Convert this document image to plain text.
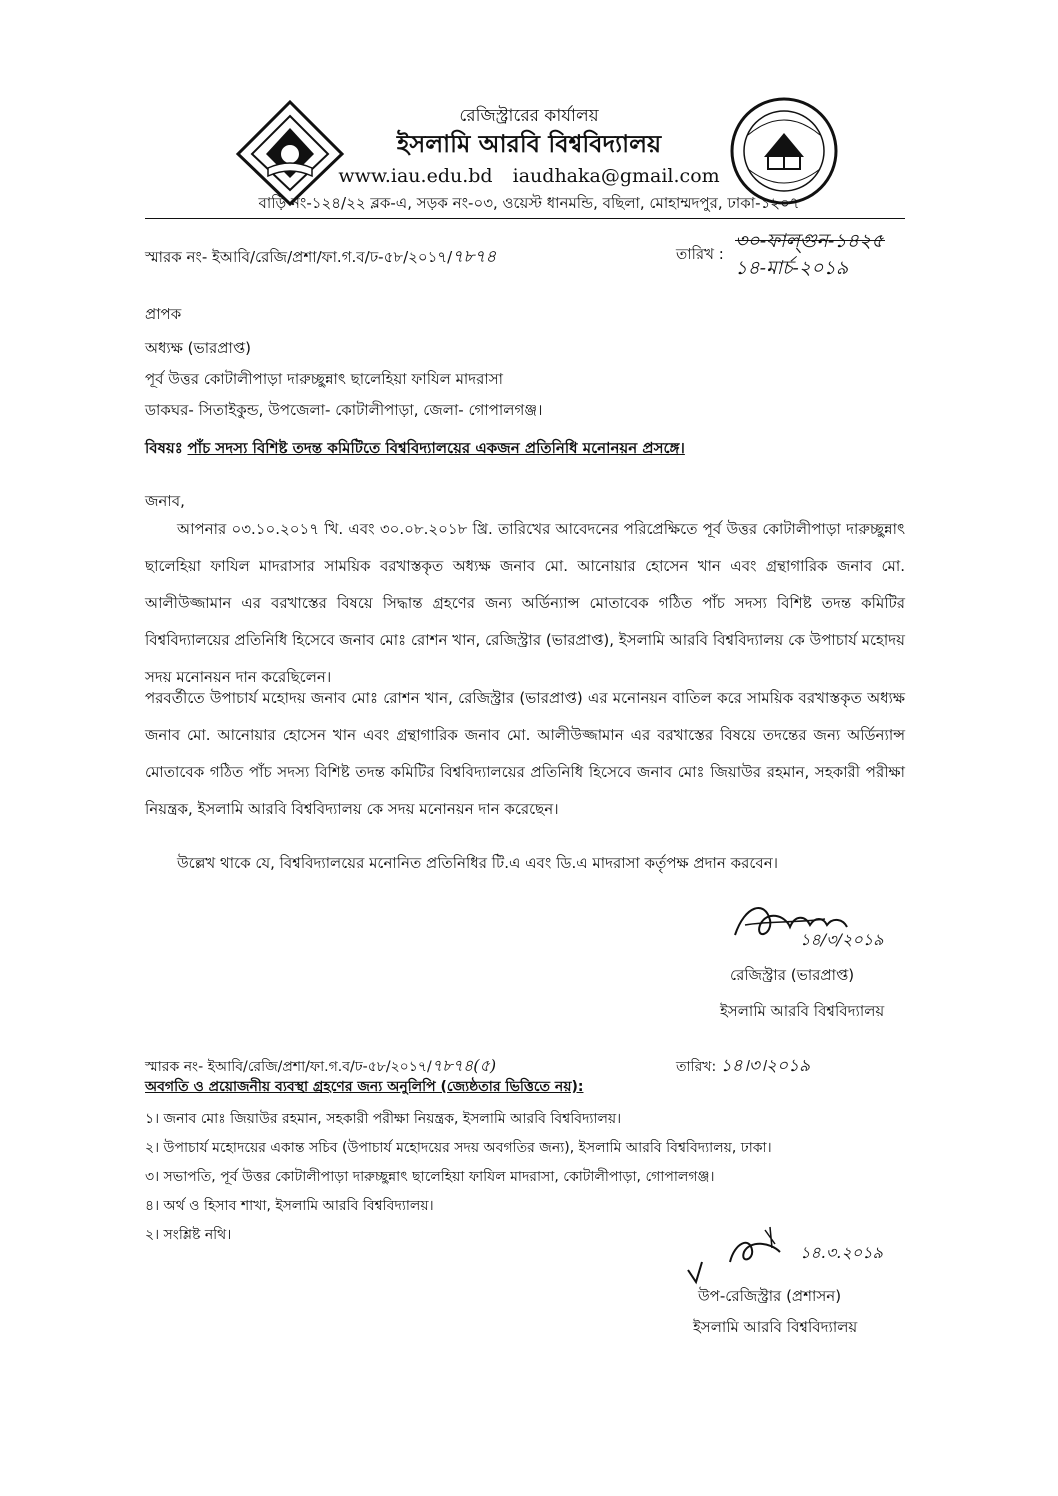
রেজিস্ট্রারের কার্যালয়
ইসলামি আরবি বিশ্ববিদ্যালয়
www.iau.edu.bd iaudhaka@gmail.com
বাড়ি নং-১২৪/২২ ব্লক-এ, সড়ক নং-০৩, ওয়েস্ট ধানমন্ডি, বছিলা, মোহাম্মদপুর, ঢাকা-১২০৭
স্মারক নং- ইআবি/রেজি/প্রশা/ফা.গ.ব/ঢ-৫৮/২০১৭/৭৮৭৪	তারিখ :
৩০-ফাল্গুন-১৪২৫
১৪-মার্চ-২০১৯
প্রাপক
অধ্যক্ষ (ভারপ্রাপ্ত)
পূর্ব উত্তর কোটালীপাড়া দারুচ্ছুন্নাৎ ছালেহিয়া ফাযিল মাদরাসা
ডাকঘর- সিতাইকুন্ড, উপজেলা- কোটালীপাড়া, জেলা- গোপালগঞ্জ।
বিষয়ঃ পাঁচ সদস্য বিশিষ্ট তদন্ত কমিটিতে বিশ্ববিদ্যালয়ের একজন প্রতিনিধি মনোনয়ন প্রসঙ্গে।
জনাব,
আপনার ০৩.১০.২০১৭ খি. এবং ৩০.০৮.২০১৮ খ্রি. তারিখের আবেদনের পরিপ্রেক্ষিতে পূর্ব উত্তর কোটালীপাড়া দারুচ্ছুন্নাৎ ছালেহিয়া ফাযিল মাদরাসার সাময়িক বরখাস্তকৃত অধ্যক্ষ জনাব মো. আনোয়ার হোসেন খান এবং গ্রন্থাগারিক জনাব মো. আলীউজ্জামান এর বরখাস্তের বিষয়ে সিদ্ধান্ত গ্রহণের জন্য অর্ডিন্যান্স মোতাবেক গঠিত পাঁচ সদস্য বিশিষ্ট তদন্ত কমিটির বিশ্ববিদ্যালয়ের প্রতিনিধি হিসেবে জনাব মোঃ রোশন খান, রেজিস্ট্রার (ভারপ্রাপ্ত), ইসলামি আরবি বিশ্ববিদ্যালয় কে উপাচার্য মহোদয় সদয় মনোনয়ন দান করেছিলেন।
পরবর্তীতে উপাচার্য মহোদয় জনাব মোঃ রোশন খান, রেজিস্ট্রার (ভারপ্রাপ্ত) এর মনোনয়ন বাতিল করে সাময়িক বরখাস্তকৃত অধ্যক্ষ জনাব মো. আনোয়ার হোসেন খান এবং গ্রন্থাগারিক জনাব মো. আলীউজ্জামান এর বরখাস্তের বিষয়ে তদন্তের জন্য অর্ডিন্যান্স মোতাবেক গঠিত পাঁচ সদস্য বিশিষ্ট তদন্ত কমিটির বিশ্ববিদ্যালয়ের প্রতিনিধি হিসেবে জনাব মোঃ জিয়াউর রহমান, সহকারী পরীক্ষা নিয়ন্ত্রক, ইসলামি আরবি বিশ্ববিদ্যালয় কে সদয় মনোনয়ন দান করেছেন।
উল্লেখ থাকে যে, বিশ্ববিদ্যালয়ের মনোনিত প্রতিনিধির টি.এ এবং ডি.এ মাদরাসা কর্তৃপক্ষ প্রদান করবেন।
১৪/৩/২০১৯
রেজিস্ট্রার (ভারপ্রাপ্ত)
ইসলামি আরবি বিশ্ববিদ্যালয়
স্মারক নং- ইআবি/রেজি/প্রশা/ফা.গ.ব/ঢ-৫৮/২০১৭/৭৮৭৪(৫)	তারিখ: ১৪।৩।২০১৯
অবগতি ও প্রয়োজনীয় ব্যবস্থা গ্রহণের জন্য অনুলিপি (জ্যেষ্ঠতার ভিত্তিতে নয়):
১। জনাব মোঃ জিয়াউর রহমান, সহকারী পরীক্ষা নিয়ন্ত্রক, ইসলামি আরবি বিশ্ববিদ্যালয়।
২। উপাচার্য মহোদয়ের একান্ত সচিব (উপাচার্য মহোদয়ের সদয় অবগতির জন্য), ইসলামি আরবি বিশ্ববিদ্যালয়, ঢাকা।
৩। সভাপতি, পূর্ব উত্তর কোটালীপাড়া দারুচ্ছুন্নাৎ ছালেহিয়া ফাযিল মাদরাসা, কোটালীপাড়া, গোপালগঞ্জ।
৪। অর্থ ও হিসাব শাখা, ইসলামি আরবি বিশ্ববিদ্যালয়।
২। সংশ্লিষ্ট নথি।
১৪.৩.২০১৯
উপ-রেজিস্ট্রার (প্রশাসন)
ইসলামি আরবি বিশ্ববিদ্যালয়
